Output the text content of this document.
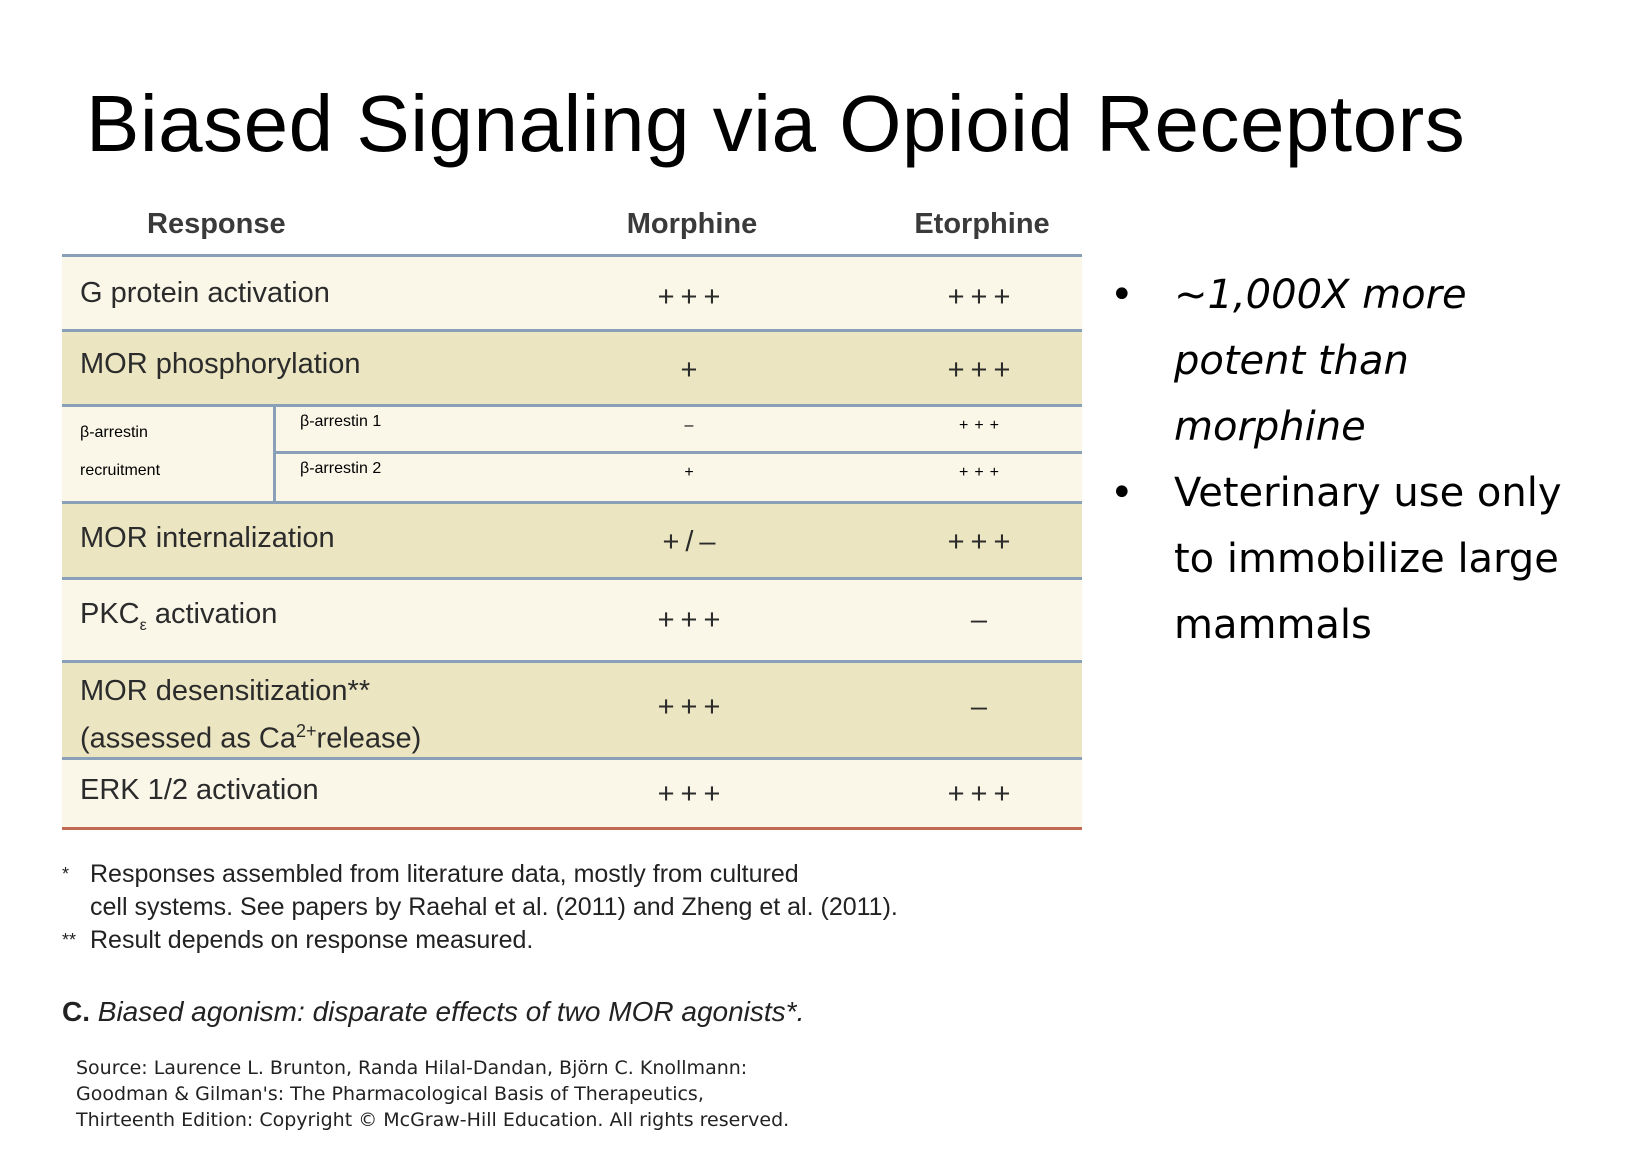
Biased Signaling via Opioid Receptors
Response	Morphine	Etorphine
G protein activation	+++	+++
MOR phosphorylation	+	+++
β-arrestin
recruitment
β-arrestin 1	–	+++
β-arrestin 2	+	+++
MOR internalization	+/–	+++
$PKC_\varepsilon$ activation	+++	–
MOR desensitization**
(assessed as $Ca^{2+}release$)
+++	–
ERK 1/2 activation	+++	+++

* Responses assembled from literature data, mostly from cultured

cell systems. See papers by Raehal et al. (2011) and Zheng et al. (2011).

** Result depends on response measured.

C. Biased agonism: disparate effects of two MOR agonists*.
Source: Laurence L. Brunton, Randa Hilal-Dandan, Björn C. Knollmann:
Goodman & Gilman's: The Pharmacological Basis of Therapeutics,
Thirteenth Edition: Copyright © McGraw-Hill Education. All rights reserved.
• ~1,000X more
potent than
morphine
• Veterinary use only
to immobilize large
mammals
